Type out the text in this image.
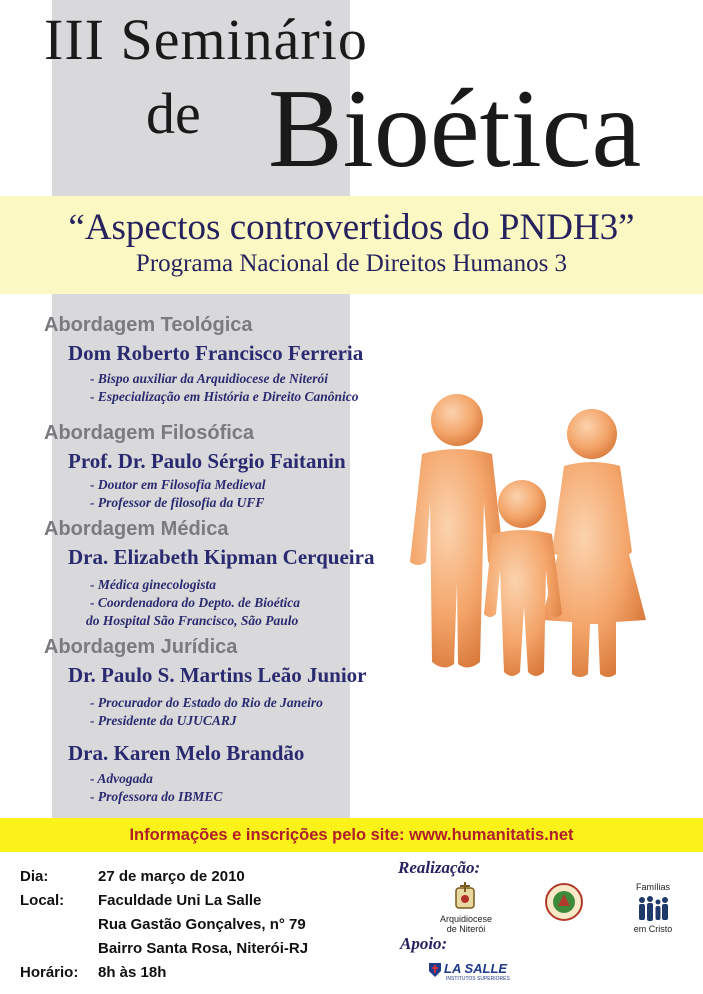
III Seminário
de Bioética
“Aspectos controvertidos do PNDH3”
Programa Nacional de Direitos Humanos 3
Abordagem Teológica
Dom Roberto Francisco Ferreria
- Bispo auxiliar da Arquidiocese de Niterói
- Especialização em História e Direito Canônico
Abordagem Filosófica
Prof. Dr. Paulo Sérgio Faitanin
- Doutor em Filosofia Medieval
- Professor de filosofia da UFF
Abordagem Médica
Dra. Elizabeth Kipman Cerqueira
- Médica ginecologista
- Coordenadora do Depto. de Bioética
do Hospital São Francisco, São Paulo
Abordagem Jurídica
Dr. Paulo S. Martins Leão Junior
- Procurador do Estado do Rio de Janeiro
- Presidente da UJUCARJ
Dra. Karen Melo Brandão
- Advogada
- Professora do IBMEC
Informações e inscrições pelo site: www.humanitatis.net
Dia:	27 de março de 2010
Local: Faculdade Uni La Salle
Rua Gastão Gonçalves, n° 79
Bairro Santa Rosa, Niterói-RJ
Horário: 8h às 18h
Realização:
Arquidiocese
de Niterói
Famílias
em Cristo
Apoio:
LA SALLE
INSTITUTOS SUPERIORES
